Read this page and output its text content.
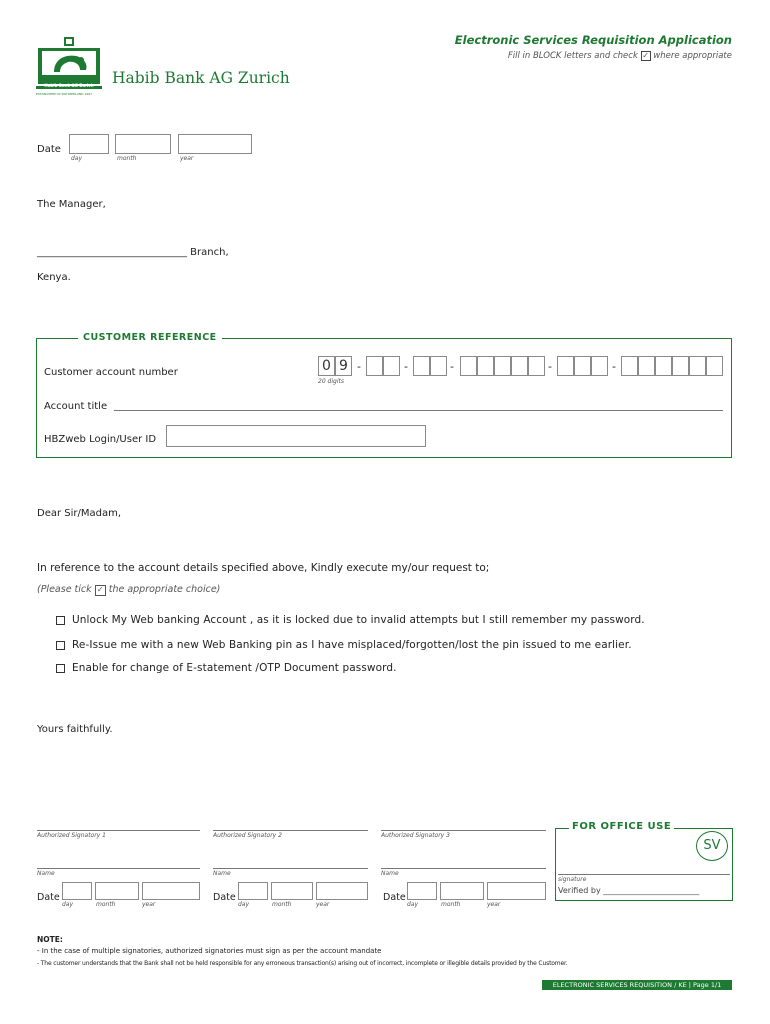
Habib Bank AG Zurich
ESTABLISHED IN SWITZERLAND 1967
Habib Bank AG Zurich
Electronic Services Requisition Application
Fill in BLOCK letters and check ✓ where appropriate
Date
day	month	year
The Manager,
______________________________ Branch,
Kenya.
CUSTOMER REFERENCE
Customer account number	0 9 -	-	-	-	-
20 digits
Account title
HBZweb Login/User ID
Dear Sir/Madam,
In reference to the account details specified above, Kindly execute my/our request to;
(Please tick ✓ the appropriate choice)
Unlock My Web banking Account , as it is locked due to invalid attempts but I still remember my password.
Re-Issue me with a new Web Banking pin as I have misplaced/forgotten/lost the pin issued to me earlier.
Enable for change of E-statement /OTP Document password.
Yours faithfully.
Authorized Signatory 1
Name
Date
day	month	year
Authorized Signatory 2
Name
Date
day	month	year
Authorized Signatory 3
Name
Date
day	month	year
FOR OFFICE USE
SV
signature
Verified by ________________________
NOTE:
- In the case of multiple signatories, authorized signatories must sign as per the account mandate
- The customer understands that the Bank shall not be held responsible for any erroneous transaction(s) arising out of incorrect, incomplete or illegible details provided by the Customer.
ELECTRONIC SERVICES REQUISITION / KE | Page 1/1
